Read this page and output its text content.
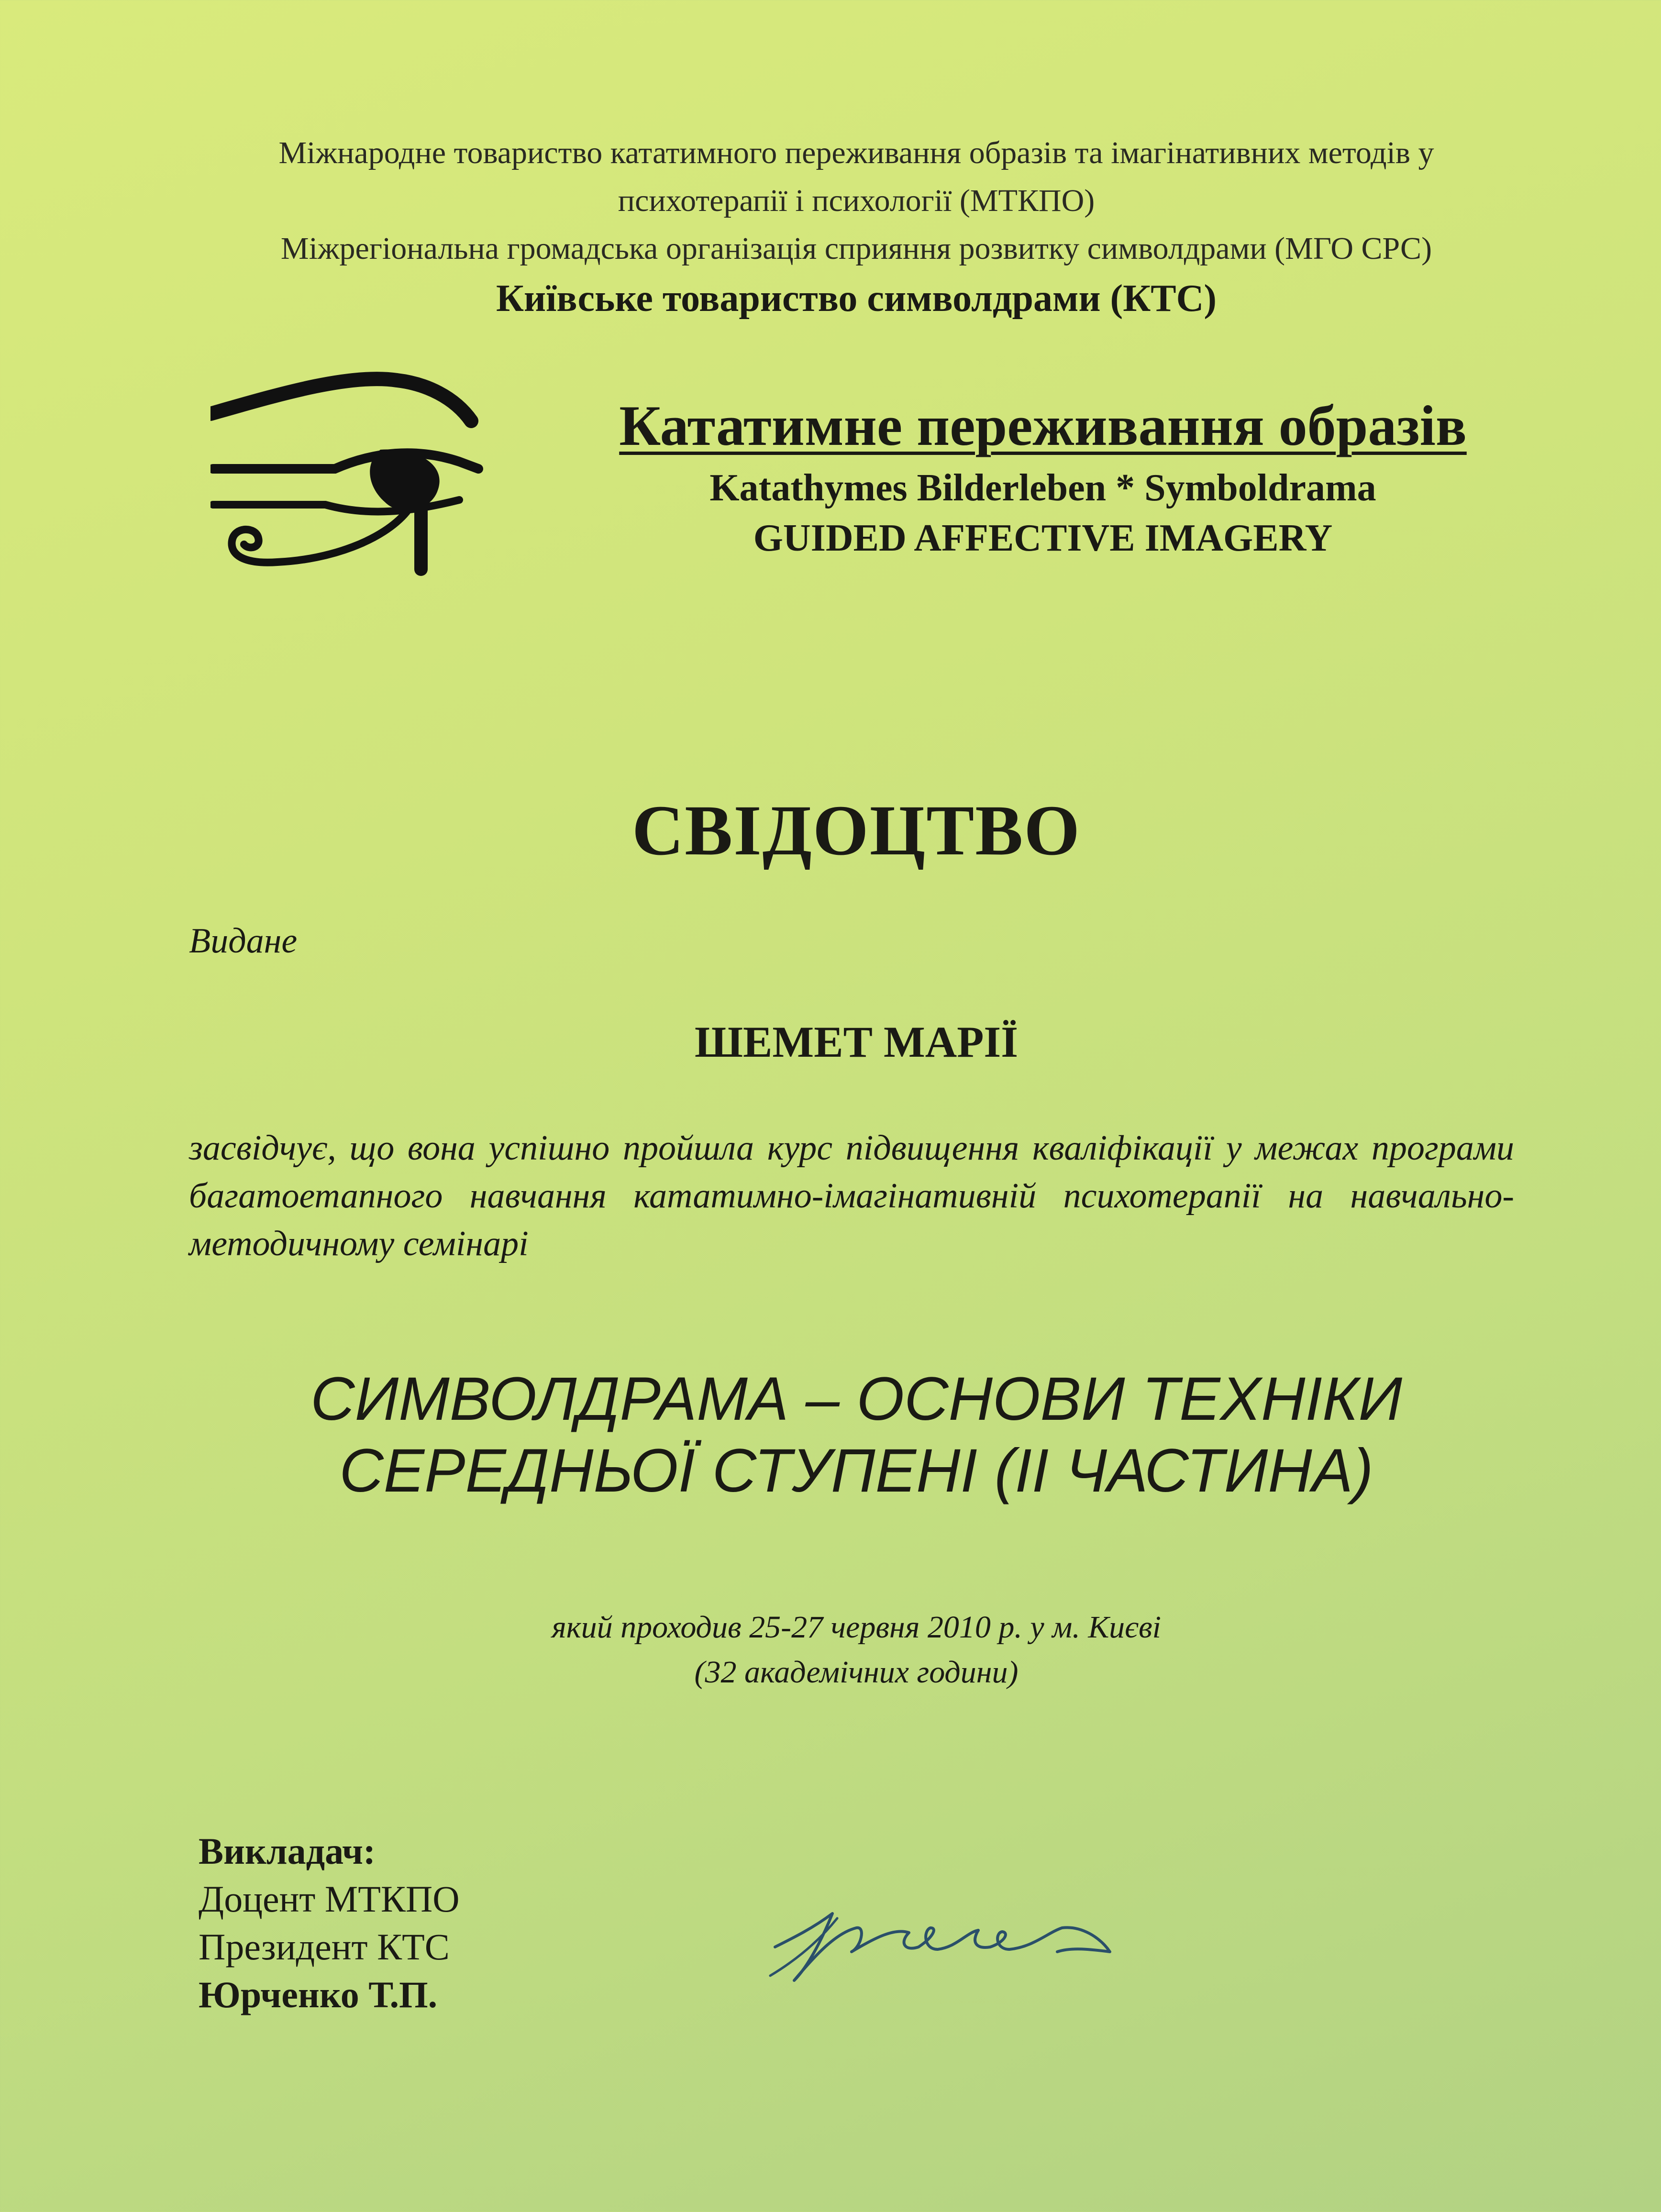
Міжнародне товариство кататимного переживання образів та імагінативних методів у
психотерапії і психології (МТКПО)
Міжрегіональна громадська організація сприяння розвитку символдрами (МГО СРС)
Київське товариство символдрами (КТС)
Кататимне переживання образів
Katathymes Bilderleben * Symboldrama
GUIDED AFFECTIVE IMAGERY
СВІДОЦТВО
Видане
ШЕМЕТ МАРІЇ
засвідчує, що вона успішно пройшла курс підвищення кваліфікації у межах програми багатоетапного навчання кататимно-імагінативній психотерапії на навчально-методичному семінарі
СИМВОЛДРАМА – ОСНОВИ ТЕХНІКИ
СЕРЕДНЬОЇ СТУПЕНІ (ІІ ЧАСТИНА)
який проходив 25-27 червня 2010 р. у м. Києві
(32 академічних години)
Викладач:
Доцент МТКПО
Президент КТС
Юрченко Т.П.
